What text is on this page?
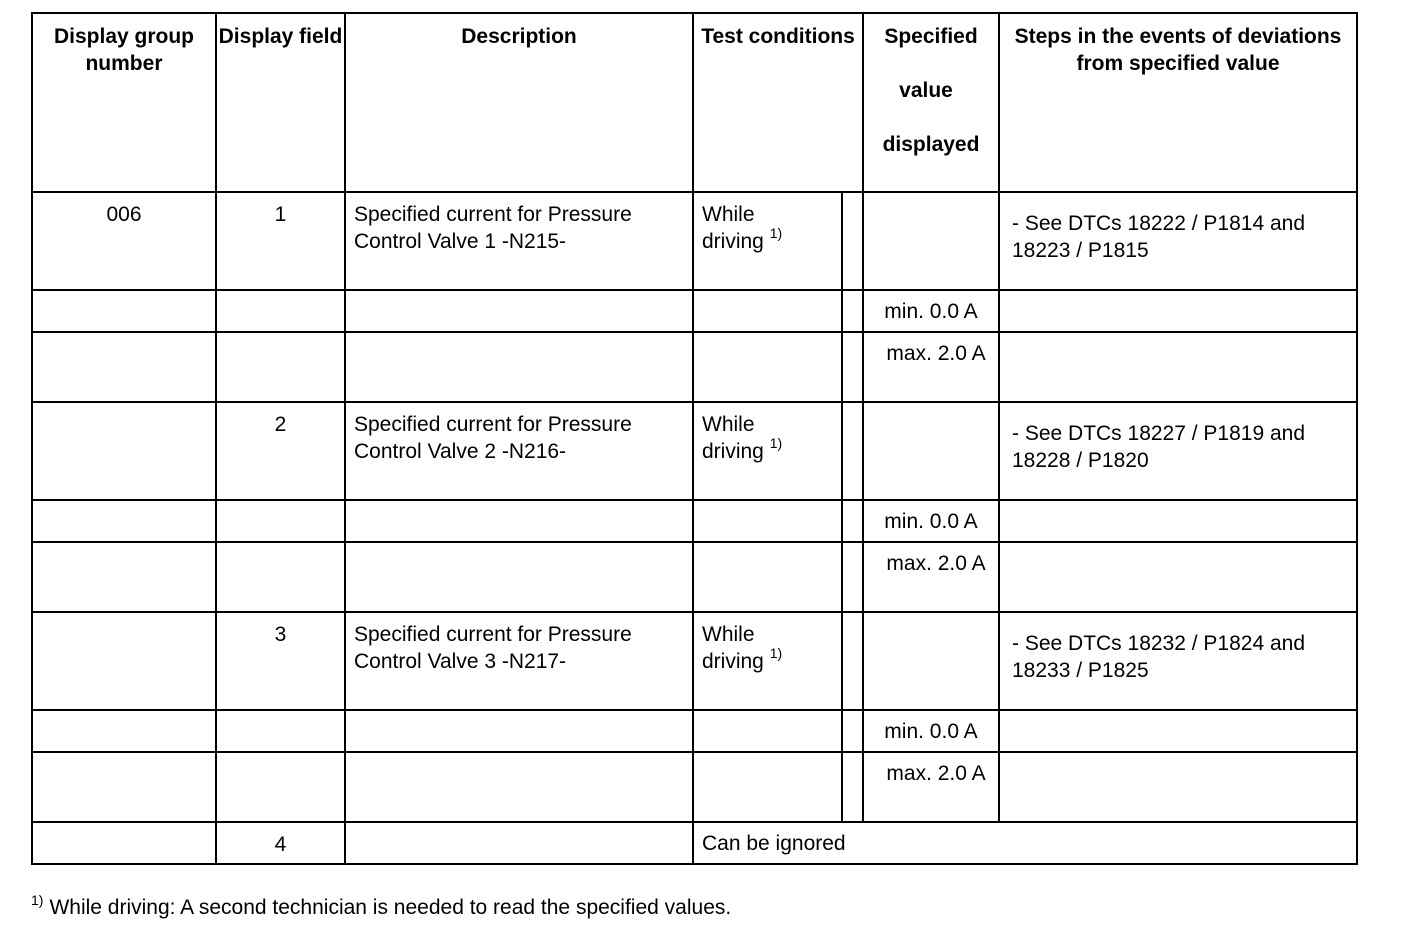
Display group number	Display field	Description	Test conditions		Specified
value
displayed	Steps in the events of deviations from specified value
006	1	Specified current for Pressure Control Valve 1 -N215-	While
driving $^{1)}$			- See DTCs 18222 / P1814 and 18223 / P1815
					min. 0.0 A	
					max. 2.0 A	
	2	Specified current for Pressure Control Valve 2 -N216-	While
driving $^{1)}$			- See DTCs 18227 / P1819 and 18228 / P1820
					min. 0.0 A	
					max. 2.0 A	
	3	Specified current for Pressure Control Valve 3 -N217-	While
driving $^{1)}$			- See DTCs 18232 / P1824 and 18233 / P1825
					min. 0.0 A	
					max. 2.0 A	
	4		Can be ignored			
$^{1)}$ While driving: A second technician is needed to read the specified values.
